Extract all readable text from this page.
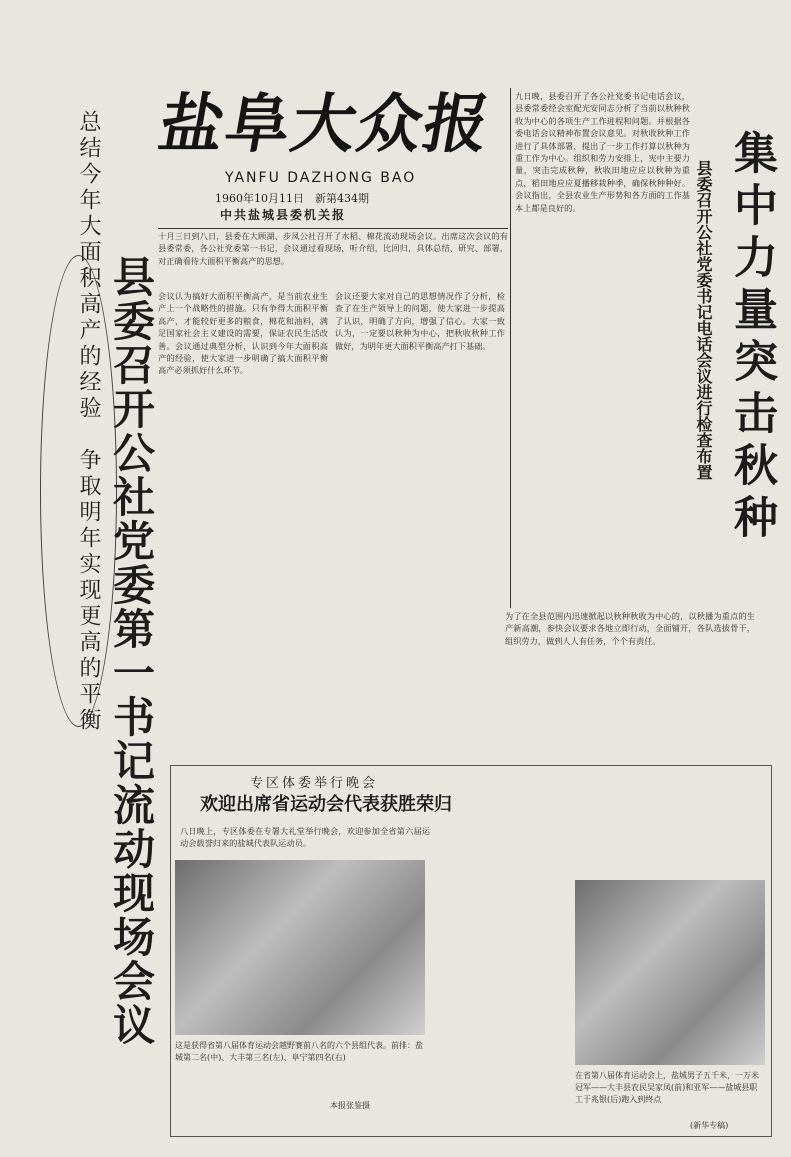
盐阜大众报
YANFU DAZHONG BAO
1960年10月11日　新第434期
中共盐城县委机关报
总结今年大面积高产的经验　争取明年实现更高的平衡 县委召开公社党委第一书记流动现场会议	集中力量突击秋种
县委召开公社党委书记电话会议进行检查布置
九日晚，县委召开了各公社党委书记电话会议，县委常委经会室配光安同志分析了当前以秋种秋收为中心的各项生产工作进程和问题。并根据各委电话会议精神布置会议意见。对秋收秋种工作进行了具体部署，提出了一步工作打算以秋种为重工作为中心。组织和劳力安排上，宪中主要力量，突击完成秋种，秋收田地应应以秋种为重点，稻田地应应夏播移栽种季，确保秋种种好。会议指出，全县农业生产形势和各方面的工作基本上都是良好的。
十月三日到八日，县委在大顾湖、步凤公社召开了水稻、棉花流动现场会议。出席这次会议的有县委常委，各公社党委第一书记，会议通过看现场，听介绍，比回归，具体总结、研究、部署，对正确看待大面积平衡高产的思想。
会议认为搞好大面积平衡高产，是当前农业生产上一个战略性的措施。只有争得大面积平衡高产，才能较好更多的粮食，棉花和油料，满足国家社会主义建设的需要，保证农民生活改善。会议通过典型分析，认识到今年大面积高产的经验，使大家进一步明确了搞大面积平衡高产必须抓好什么环节。
会议还要大家对自己的思想情况作了分析，检查了在生产领导上的问题，使大家进一步提高了认识，明确了方向，增强了信心。大家一致认为，一定要以秋种为中心，把秋收秋种工作做好，为明年更大面积平衡高产打下基础。
为了在全县范围内迅速掀起以秋种秋收为中心的，以秋播为重点的生产新高潮，参快会议要求各地立即行动，全面铺开，各队选拔骨干，组织劳力，做到人人有任务，个个有责任。
专区体委举行晚会
欢迎出席省运动会代表获胜荣归
八日晚上，专区体委在专署大礼堂举行晚会，欢迎参加全省第六届运动会载誉归来的盐城代表队运动员。
这是获得省第八届体育运动会越野赛前八名的六个县组代表。前排：盐城第二名(中)、大丰第三名(左)、阜宁第四名(右)
本报张鉴摄
在省第八届体育运动会上，盐城男子五千米，一万米冠军——大丰县农民吴家凤(前)和亚军——盐城县职工于兆银(后)跑入到终点
(新华专稿)
